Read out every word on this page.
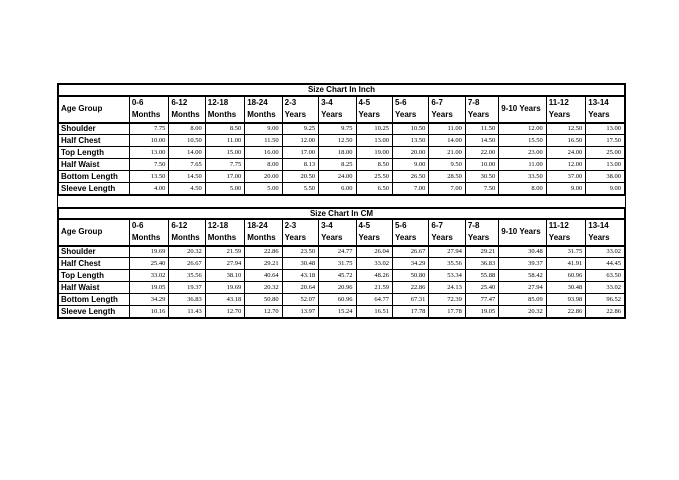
Size Chart In Inch													
Age Group	0-6 Months	6-12 Months	12-18 Months	18-24 Months	2-3 Years	3-4 Years	4-5 Years	5-6 Years	6-7 Years	7-8 Years	9-10 Years	11-12 Years	13-14 Years
Shoulder	7.75	8.00	8.50	9.00	9.25	9.75	10.25	10.50	11.00	11.50	12.00	12.50	13.00
Half Chest	10.00	10.50	11.00	11.50	12.00	12.50	13.00	13.50	14.00	14.50	15.50	16.50	17.50
Top Length	13.00	14.00	15.00	16.00	17.00	18.00	19.00	20.00	21.00	22.00	23.00	24.00	25.00
Half Waist	7.50	7.65	7.75	8.00	8.13	8.25	8.50	9.00	9.50	10.00	11.00	12.00	13.00
Bottom Length	13.50	14.50	17.00	20.00	20.50	24.00	25.50	26.50	28.50	30.50	33.50	37.00	38.00
Sleeve Length	4.00	4.50	5.00	5.00	5.50	6.00	6.50	7.00	7.00	7.50	8.00	9.00	9.00

Size Chart In CM													
Age Group	0-6 Months	6-12 Months	12-18 Months	18-24 Months	2-3 Years	3-4 Years	4-5 Years	5-6 Years	6-7 Years	7-8 Years	9-10 Years	11-12 Years	13-14 Years
Shoulder	19.69	20.32	21.59	22.86	23.50	24.77	26.04	26.67	27.94	29.21	30.48	31.75	33.02
Half Chest	25.40	26.67	27.94	29.21	30.48	31.75	33.02	34.29	35.56	36.83	39.37	41.91	44.45
Top Length	33.02	35.56	38.10	40.64	43.18	45.72	48.26	50.80	53.34	55.88	58.42	60.96	63.50
Half Waist	19.05	19.37	19.69	20.32	20.64	20.96	21.59	22.86	24.13	25.40	27.94	30.48	33.02
Bottom Length	34.29	36.83	43.18	50.80	52.07	60.96	64.77	67.31	72.39	77.47	85.09	93.98	96.52
Sleeve Length	10.16	11.43	12.70	12.70	13.97	15.24	16.51	17.78	17.78	19.05	20.32	22.86	22.86
